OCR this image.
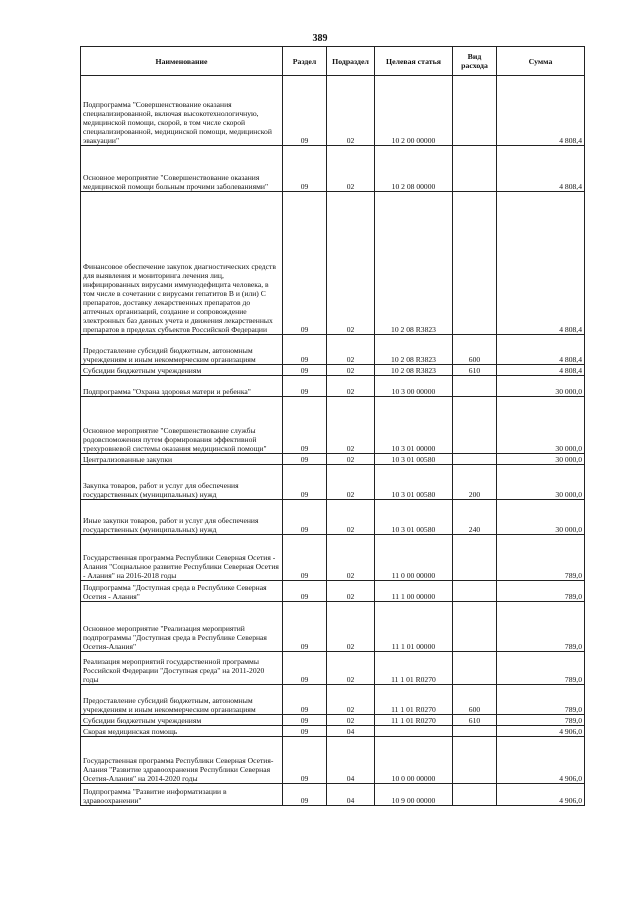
389
Наименование	Раздел	Подраздел	Целевая статья	Вид расхода	Сумма
Подпрограмма "Совершенствование оказания специализированной, включая высокотехнологичную, медицинской помощи, скорой, в том числе скорой специализированной, медицинской помощи, медицинской эвакуации"	09	02	10 2 00 00000		4 808,4
Основное мероприятие "Совершенствование оказания медицинской помощи больным прочими заболеваниями"	09	02	10 2 08 00000		4 808,4
Финансовое обеспечение закупок диагностических средств для выявления и мониторинга лечения лиц, инфицированных вирусами иммунодефицита человека, в том числе в сочетании с вирусами гепатитов B и (или) C препаратов, доставку лекарственных препаратов до аптечных организаций, создание и сопровождение электронных баз данных учета и движения лекарственных препаратов в пределах субъектов Российской Федерации	09	02	10 2 08 R3823		4 808,4
Предоставление субсидий бюджетным, автономным учреждениям и иным некоммерческим организациям	09	02	10 2 08 R3823	600	4 808,4
Субсидии бюджетным учреждениям	09	02	10 2 08 R3823	610	4 808,4
Подпрограмма "Охрана здоровья матери и ребенка"	09	02	10 3 00 00000		30 000,0
Основное мероприятие "Совершенствование службы родовспоможения путем формирования эффективной трехуровневой системы оказания медицинской помощи"	09	02	10 3 01 00000		30 000,0
Централизованные закупки	09	02	10 3 01 00580		30 000,0
Закупка товаров, работ и услуг для обеспечения государственных (муниципальных) нужд	09	02	10 3 01 00580	200	30 000,0
Иные закупки товаров, работ и услуг для обеспечения государственных (муниципальных) нужд	09	02	10 3 01 00580	240	30 000,0
Государственная программа Республики Северная Осетия - Алания "Социальное развитие Республики Северная Осетия - Алания" на 2016-2018 годы	09	02	11 0 00 00000		789,0
Подпрограмма "Доступная среда в Республике Северная Осетия - Алания"	09	02	11 1 00 00000		789,0
Основное мероприятие "Реализация мероприятий подпрограммы "Доступная среда в Республике Северная Осетия-Алания"	09	02	11 1 01 00000		789,0
Реализация мероприятий государственной программы Российской Федерации "Доступная среда" на 2011-2020 годы	09	02	11 1 01 R0270		789,0
Предоставление субсидий бюджетным, автономным учреждениям и иным некоммерческим организациям	09	02	11 1 01 R0270	600	789,0
Субсидии бюджетным учреждениям	09	02	11 1 01 R0270	610	789,0
Скорая медицинская помощь	09	04			4 906,0
Государственная программа Республики Северная Осетия-Алания "Развитие здравоохранения Республики Северная Осетия-Алания" на 2014-2020 годы	09	04	10 0 00 00000		4 906,0
Подпрограмма "Развитие информатизации в здравоохранении"	09	04	10 9 00 00000		4 906,0
